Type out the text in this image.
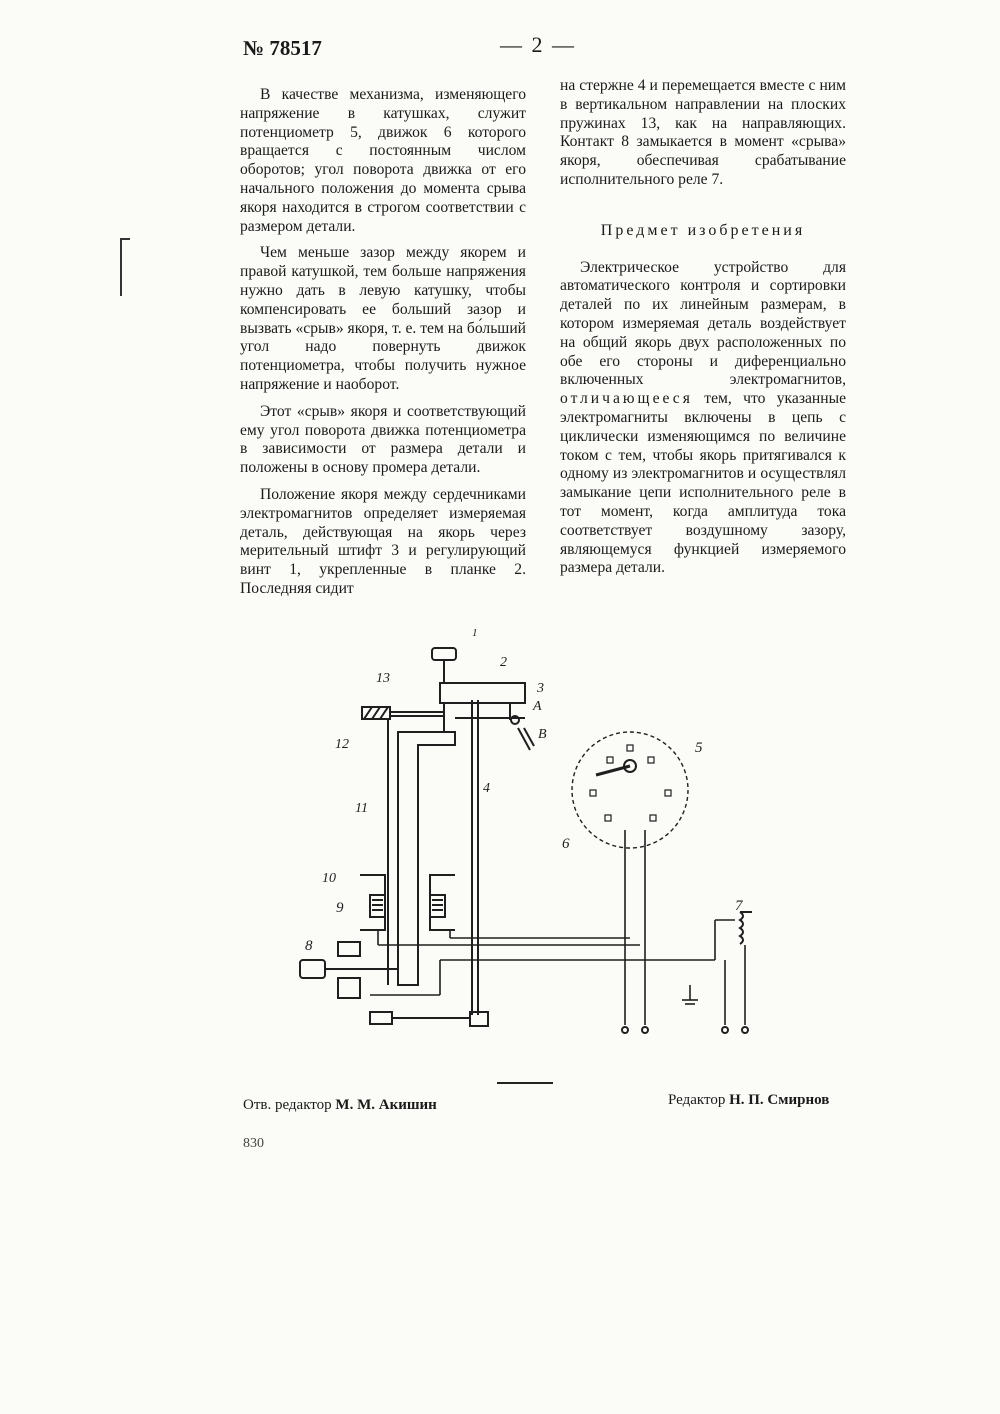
№ 78517	— 2 —

В качестве механизма, изменяющего напряжение в катушках, служит потенциометр 5, движок 6 которого вращается с постоянным числом оборотов; угол поворота движка от его начального положения до момента срыва якоря находится в строгом соответствии с размером детали.

Чем меньше зазор между якорем и правой катушкой, тем больше напряжения нужно дать в левую катушку, чтобы компенсировать ее больший зазор и вызвать «срыв» якоря, т. е. тем на бо́льший угол надо повернуть движок потенциометра, чтобы получить нужное напряжение и наоборот.

Этот «срыв» якоря и соответствующий ему угол поворота движка потенциометра в зависимости от размера детали и положены в основу промера детали.

Положение якоря между сердечниками электромагнитов определяет измеряемая деталь, действующая на якорь через мерительный штифт 3 и регулирующий винт 1, укрепленные в планке 2. Последняя сидит

на стержне 4 и перемещается вместе с ним в вертикальном направлении на плоских пружинах 13, как на направляющих. Контакт 8 замыкается в момент «срыва» якоря, обеспечивая срабатывание исполнительного реле 7.

Предмет изобретения

Электрическое устройство для автоматического контроля и сортировки деталей по их линейным размерам, в котором измеряемая деталь воздействует на общий якорь двух расположенных по обе его стороны и диференциально включенных электромагнитов, отличающееся тем, что указанные электромагниты включены в цепь с циклически изменяющимся по величине током с тем, чтобы якорь притягивался к одному из электромагнитов и осуществлял замыкание цепи исполнительного реле в тот момент, когда амплитуда тока соответствует воздушному зазору, являющемуся функцией измеряемого размера детали.

1
2
3
А
В
4
5
6
7
8
9
10
11
12
13
Отв. редактор М. М. Акишин	Редактор Н. П. Смирнов
830
